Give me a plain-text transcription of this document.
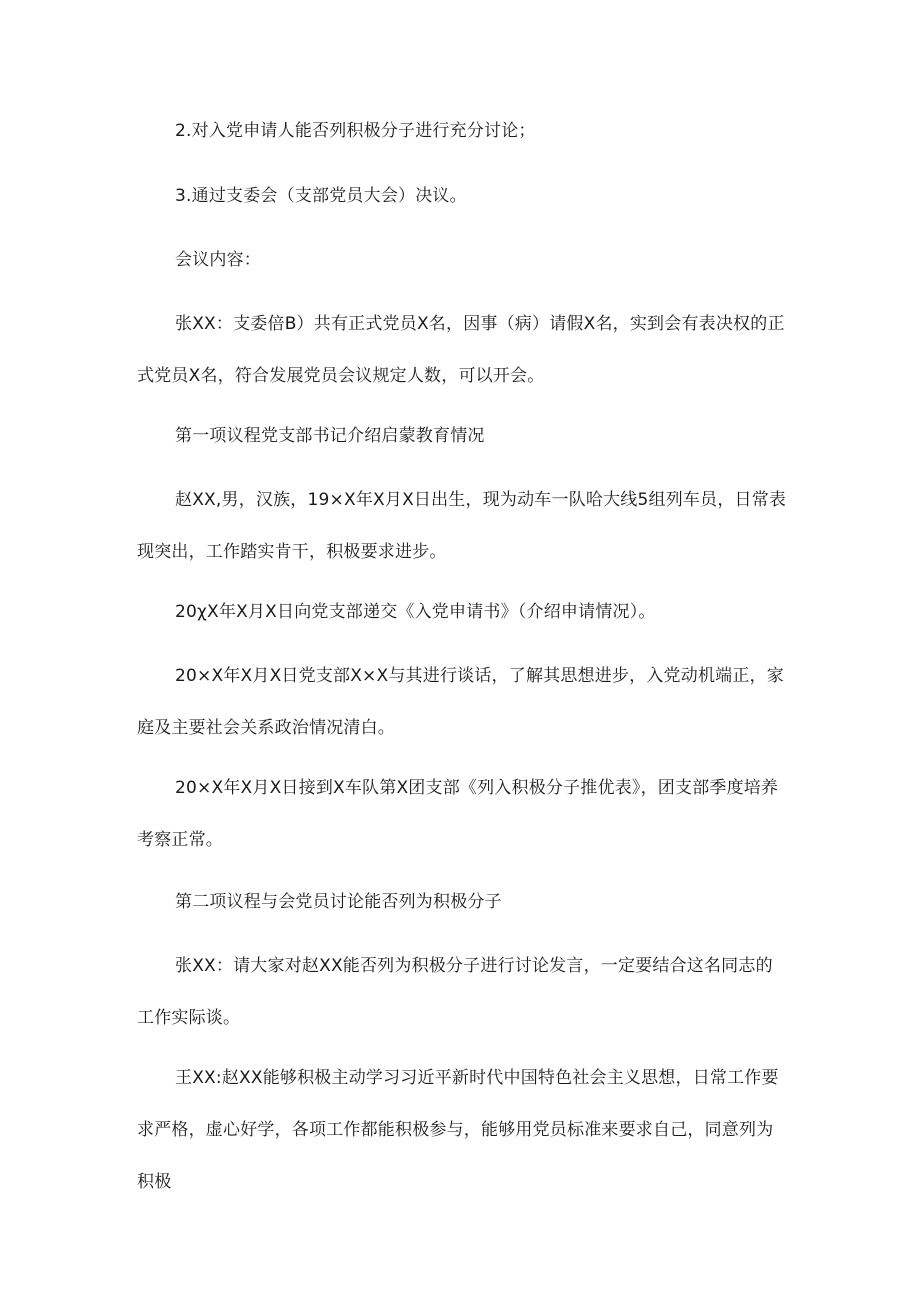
2.对入党申请人能否列积极分子进行充分讨论；

3.通过支委会（支部党员大会）决议。

会议内容：

张XX：支委倍B）共有正式党员X名，因事（病）请假X名，实到会有表决权的正式党员X名，符合发展党员会议规定人数，可以开会。

第一项议程党支部书记介绍启蒙教育情况

赵XX,男，汉族，19×X年X月X日出生，现为动车一队哈大线5组列车员，日常表现突出，工作踏实肯干，积极要求进步。

20χX年X月X日向党支部递交《入党申请书》（介绍申请情况）。

20×X年X月X日党支部X×X与其进行谈话，了解其思想进步，入党动机端正，家庭及主要社会关系政治情况清白。

20×X年X月X日接到X车队第X团支部《列入积极分子推优表》，团支部季度培养考察正常。

第二项议程与会党员讨论能否列为积极分子

张XX：请大家对赵XX能否列为积极分子进行讨论发言，一定要结合这名同志的工作实际谈。

王XX:赵XX能够积极主动学习习近平新时代中国特色社会主义思想，日常工作要求严格，虚心好学，各项工作都能积极参与，能够用党员标准来要求自己，同意列为积极
